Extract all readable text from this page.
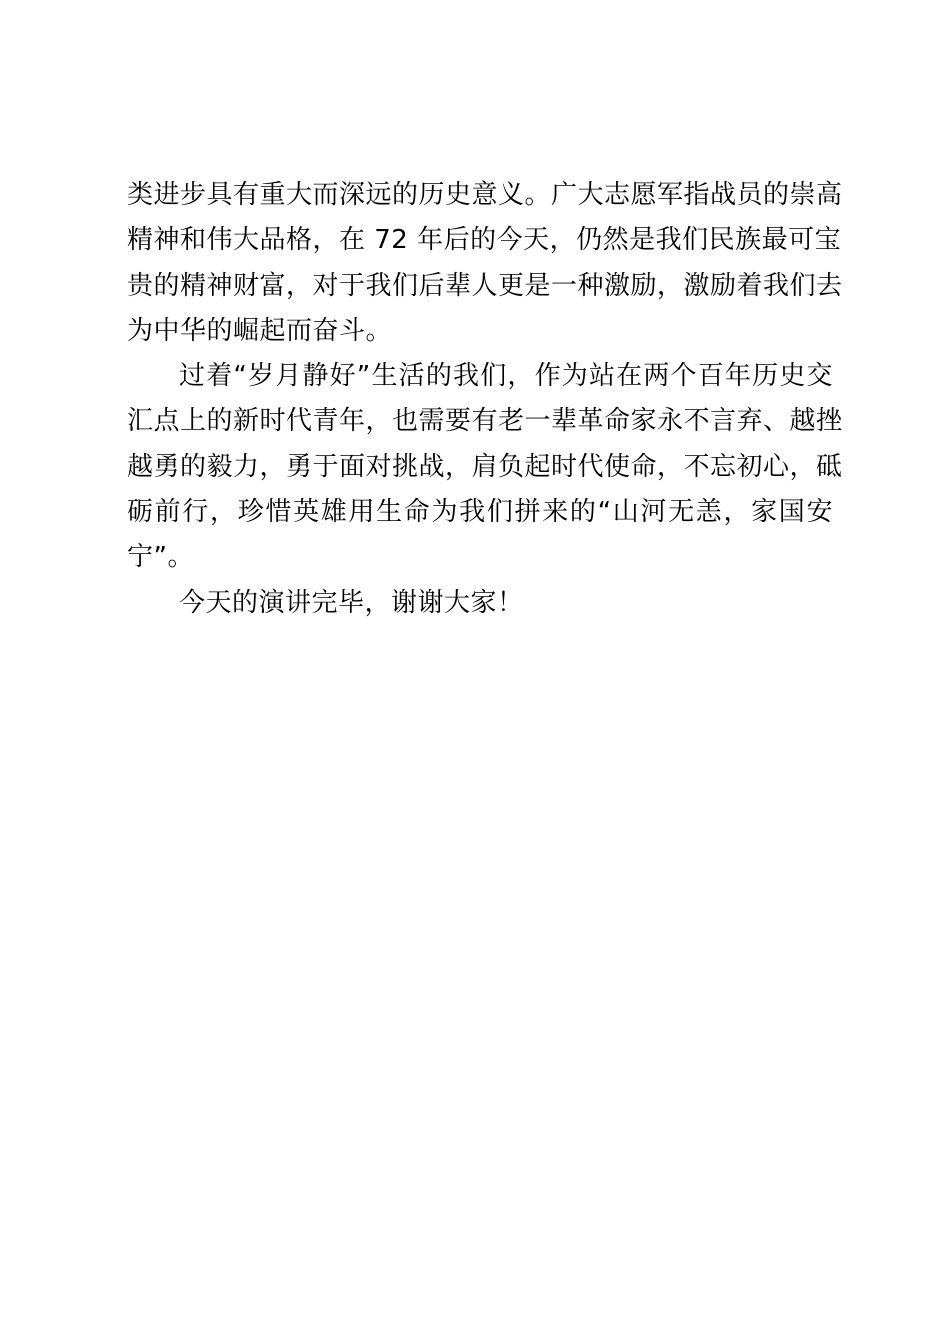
类进步具有重大而深远的历史意义。广大志愿军指战员的崇高
精神和伟大品格，在 72 年后的今天，仍然是我们民族最可宝
贵的精神财富，对于我们后辈人更是一种激励，激励着我们去
为中华的崛起而奋斗。
过着“岁月静好”生活的我们，作为站在两个百年历史交
汇点上的新时代青年，也需要有老一辈革命家永不言弃、越挫
越勇的毅力，勇于面对挑战，肩负起时代使命，不忘初心，砥
砺前行，珍惜英雄用生命为我们拼来的“山河无恙，家国安
宁”。
今天的演讲完毕，谢谢大家！
